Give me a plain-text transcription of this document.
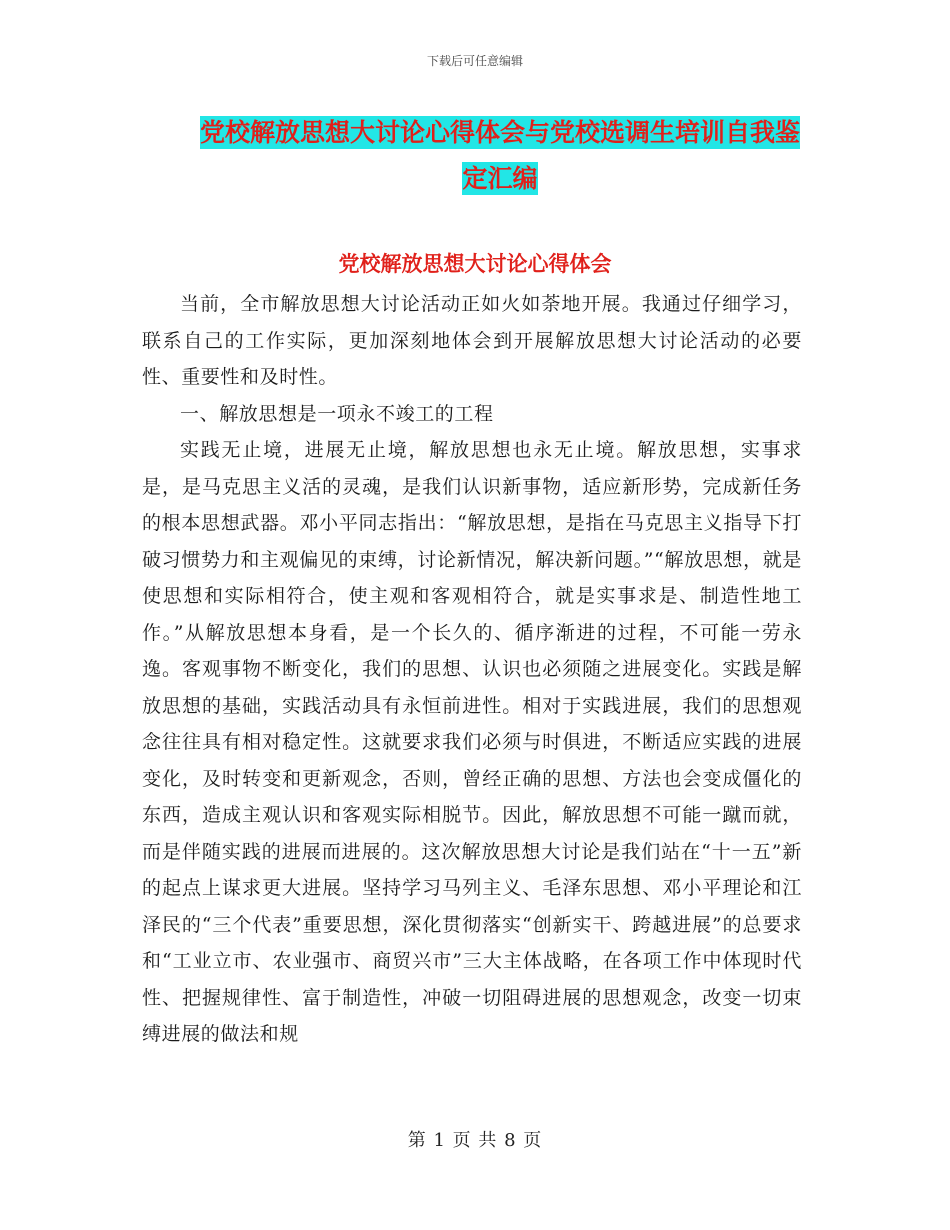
下载后可任意编辑
党校解放思想大讨论心得体会与党校选调生培训自我鉴定汇编
党校解放思想大讨论心得体会

当前，全市解放思想大讨论活动正如火如荼地开展。我通过仔细学习，联系自己的工作实际，更加深刻地体会到开展解放思想大讨论活动的必要性、重要性和及时性。

一、解放思想是一项永不竣工的工程

实践无止境，进展无止境，解放思想也永无止境。解放思想，实事求是，是马克思主义活的灵魂，是我们认识新事物，适应新形势，完成新任务的根本思想武器。邓小平同志指出：“解放思想，是指在马克思主义指导下打破习惯势力和主观偏见的束缚，讨论新情况，解决新问题。”“解放思想，就是使思想和实际相符合，使主观和客观相符合，就是实事求是、制造性地工作。”从解放思想本身看，是一个长久的、循序渐进的过程，不可能一劳永逸。客观事物不断变化，我们的思想、认识也必须随之进展变化。实践是解放思想的基础，实践活动具有永恒前进性。相对于实践进展，我们的思想观念往往具有相对稳定性。这就要求我们必须与时俱进，不断适应实践的进展变化，及时转变和更新观念，否则，曾经正确的思想、方法也会变成僵化的东西，造成主观认识和客观实际相脱节。因此，解放思想不可能一蹴而就，而是伴随实践的进展而进展的。这次解放思想大讨论是我们站在“十一五”新的起点上谋求更大进展。坚持学习马列主义、毛泽东思想、邓小平理论和江泽民的“三个代表”重要思想，深化贯彻落实“创新实干、跨越进展”的总要求和“工业立市、农业强市、商贸兴市”三大主体战略，在各项工作中体现时代性、把握规律性、富于制造性，冲破一切阻碍进展的思想观念，改变一切束缚进展的做法和规

第 1 页 共 8 页
